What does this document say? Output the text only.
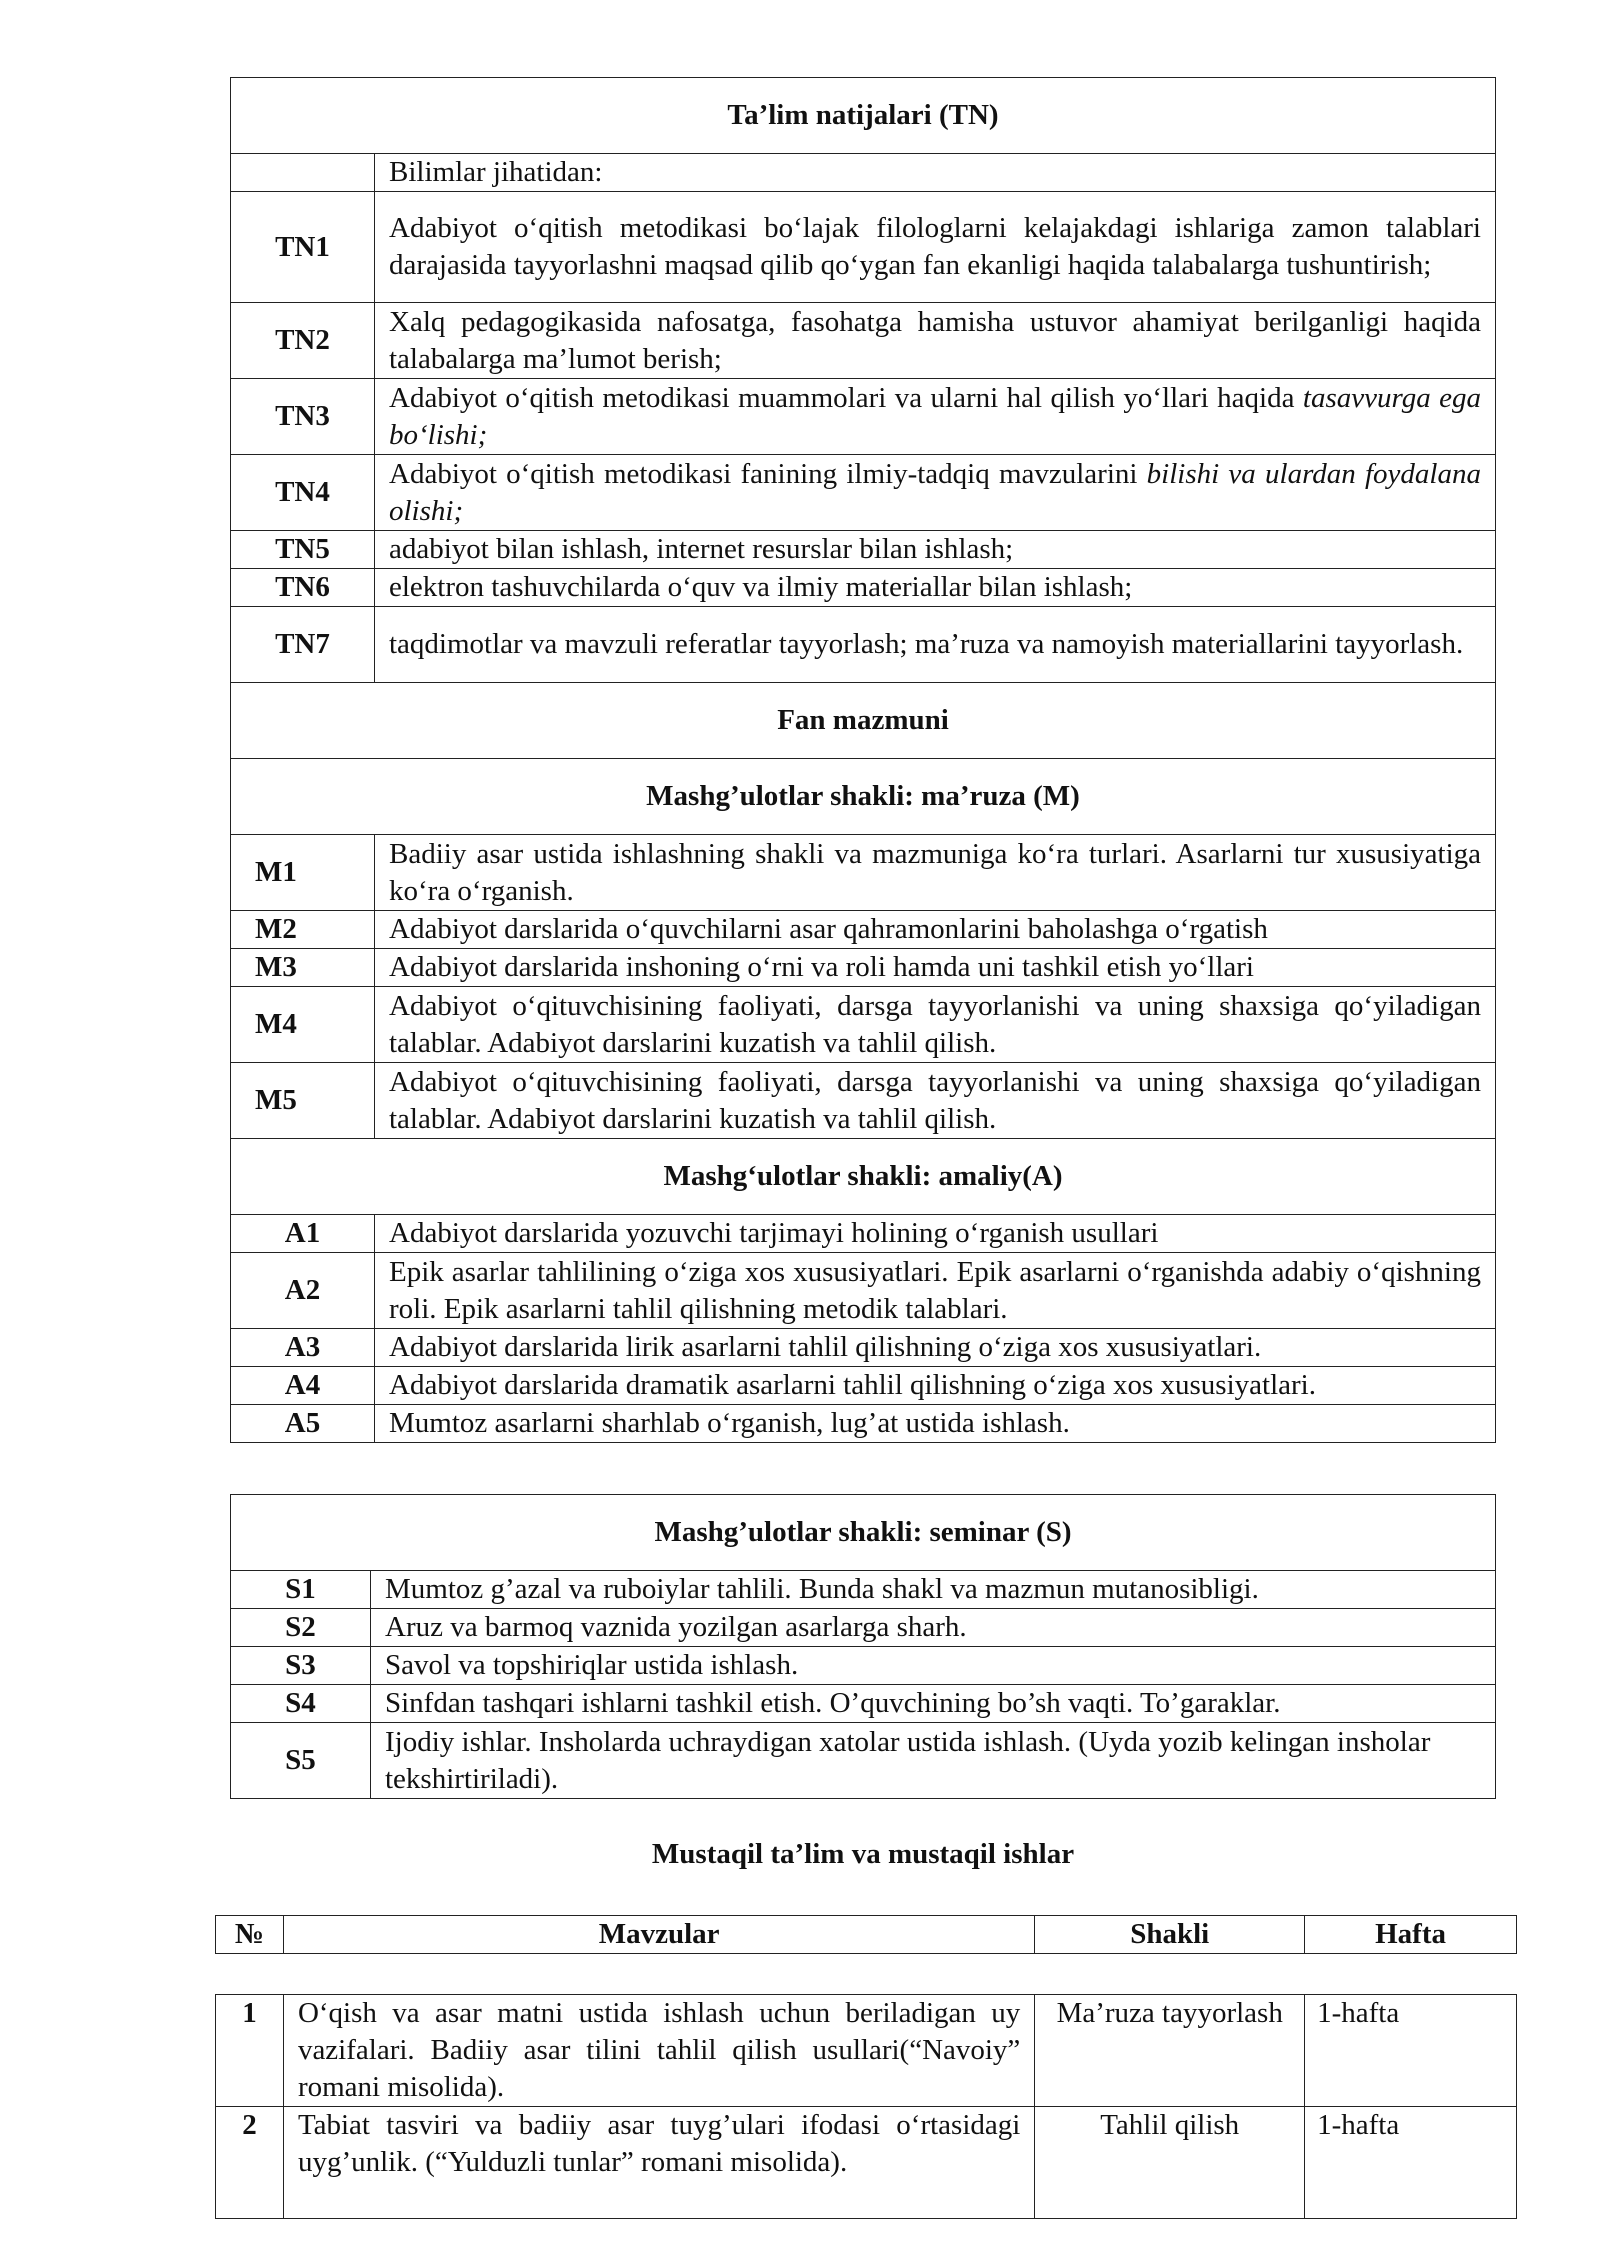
Ta’lim natijalari (TN)	
	Bilimlar jihatidan:
TN1	Adabiyot o‘qitish metodikasi bo‘lajak filologlarni kelajakdagi ishlariga zamon talablari darajasida tayyorlashni maqsad qilib qo‘ygan fan ekanligi haqida talabalarga tushuntirish;
TN2	Xalq pedagogikasida nafosatga, fasohatga hamisha ustuvor ahamiyat berilganligi haqida talabalarga ma’lumot berish;
TN3	Adabiyot o‘qitish metodikasi muammolari va ularni hal qilish yo‘llari haqida tasavvurga ega bo‘lishi;
TN4	Adabiyot o‘qitish metodikasi fanining ilmiy-tadqiq mavzularini bilishi va ulardan foydalana olishi;
TN5	adabiyot bilan ishlash, internet resurslar bilan ishlash;
TN6	elektron tashuvchilarda o‘quv va ilmiy materiallar bilan ishlash;
TN7	taqdimotlar va mavzuli referatlar tayyorlash; ma’ruza va namoyish materiallarini tayyorlash.
Fan mazmuni	
Mashg’ulotlar shakli: ma’ruza (M)	
M1	Badiiy asar ustida ishlashning shakli va mazmuniga ko‘ra turlari. Asarlarni tur xususiyatiga ko‘ra o‘rganish.
M2	Adabiyot darslarida o‘quvchilarni asar qahramonlarini baholashga o‘rgatish
M3	Adabiyot darslarida inshoning o‘rni va roli hamda uni tashkil etish yo‘llari
M4	Adabiyot o‘qituvchisining faoliyati, darsga tayyorlanishi va uning shaxsiga qo‘yiladigan talablar. Adabiyot darslarini kuzatish va tahlil qilish.
M5	Adabiyot o‘qituvchisining faoliyati, darsga tayyorlanishi va uning shaxsiga qo‘yiladigan talablar. Adabiyot darslarini kuzatish va tahlil qilish.
Mashg‘ulotlar shakli: amaliy(A)	
A1	Adabiyot darslarida yozuvchi tarjimayi holining o‘rganish usullari
A2	Epik asarlar tahlilining o‘ziga xos xususiyatlari. Epik asarlarni o‘rganishda adabiy o‘qishning roli. Epik asarlarni tahlil qilishning metodik talablari.
A3	Adabiyot darslarida lirik asarlarni tahlil qilishning o‘ziga xos xususiyatlari.
A4	Adabiyot darslarida dramatik asarlarni tahlil qilishning o‘ziga xos xususiyatlari.
A5	Mumtoz asarlarni sharhlab o‘rganish, lug’at ustida ishlash.
Mashg’ulotlar shakli: seminar (S)	
S1	Mumtoz g’azal va ruboiylar tahlili. Bunda shakl va mazmun mutanosibligi.
S2	Aruz va barmoq vaznida yozilgan asarlarga sharh.
S3	Savol va topshiriqlar ustida ishlash.
S4	Sinfdan tashqari ishlarni tashkil etish. O’quvchining bo’sh vaqti. To’garaklar.
S5	Ijodiy ishlar. Insholarda uchraydigan xatolar ustida ishlash. (Uyda yozib kelingan insholar tekshirtiriladi).
Mustaqil ta’lim va mustaqil ishlar
№	Mavzular	Shakli	Hafta
1	O‘qish va asar matni ustida ishlash uchun beriladigan uy vazifalari. Badiiy asar tilini tahlil qilish usullari(“Navoiy” romani misolida).	Ma’ruza tayyorlash	1-hafta
2	Tabiat tasviri va badiiy asar tuyg’ulari ifodasi o‘rtasidagi uyg’unlik. (“Yulduzli tunlar” romani misolida).	Tahlil qilish	1-hafta
